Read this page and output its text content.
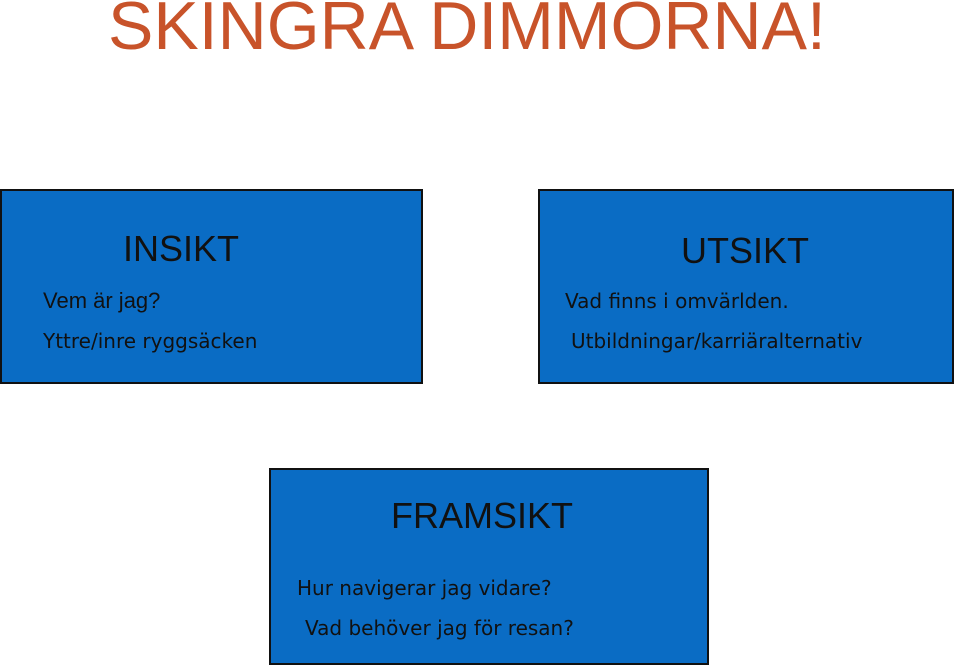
SKINGRA DIMMORNA!
INSIKT

Vem är jag?

Yttre/inre ryggsäcken

UTSIKT

Vad finns i omvärlden.

Utbildningar/karriäralternativ

FRAMSIKT

Hur navigerar jag vidare?

Vad behöver jag för resan?
